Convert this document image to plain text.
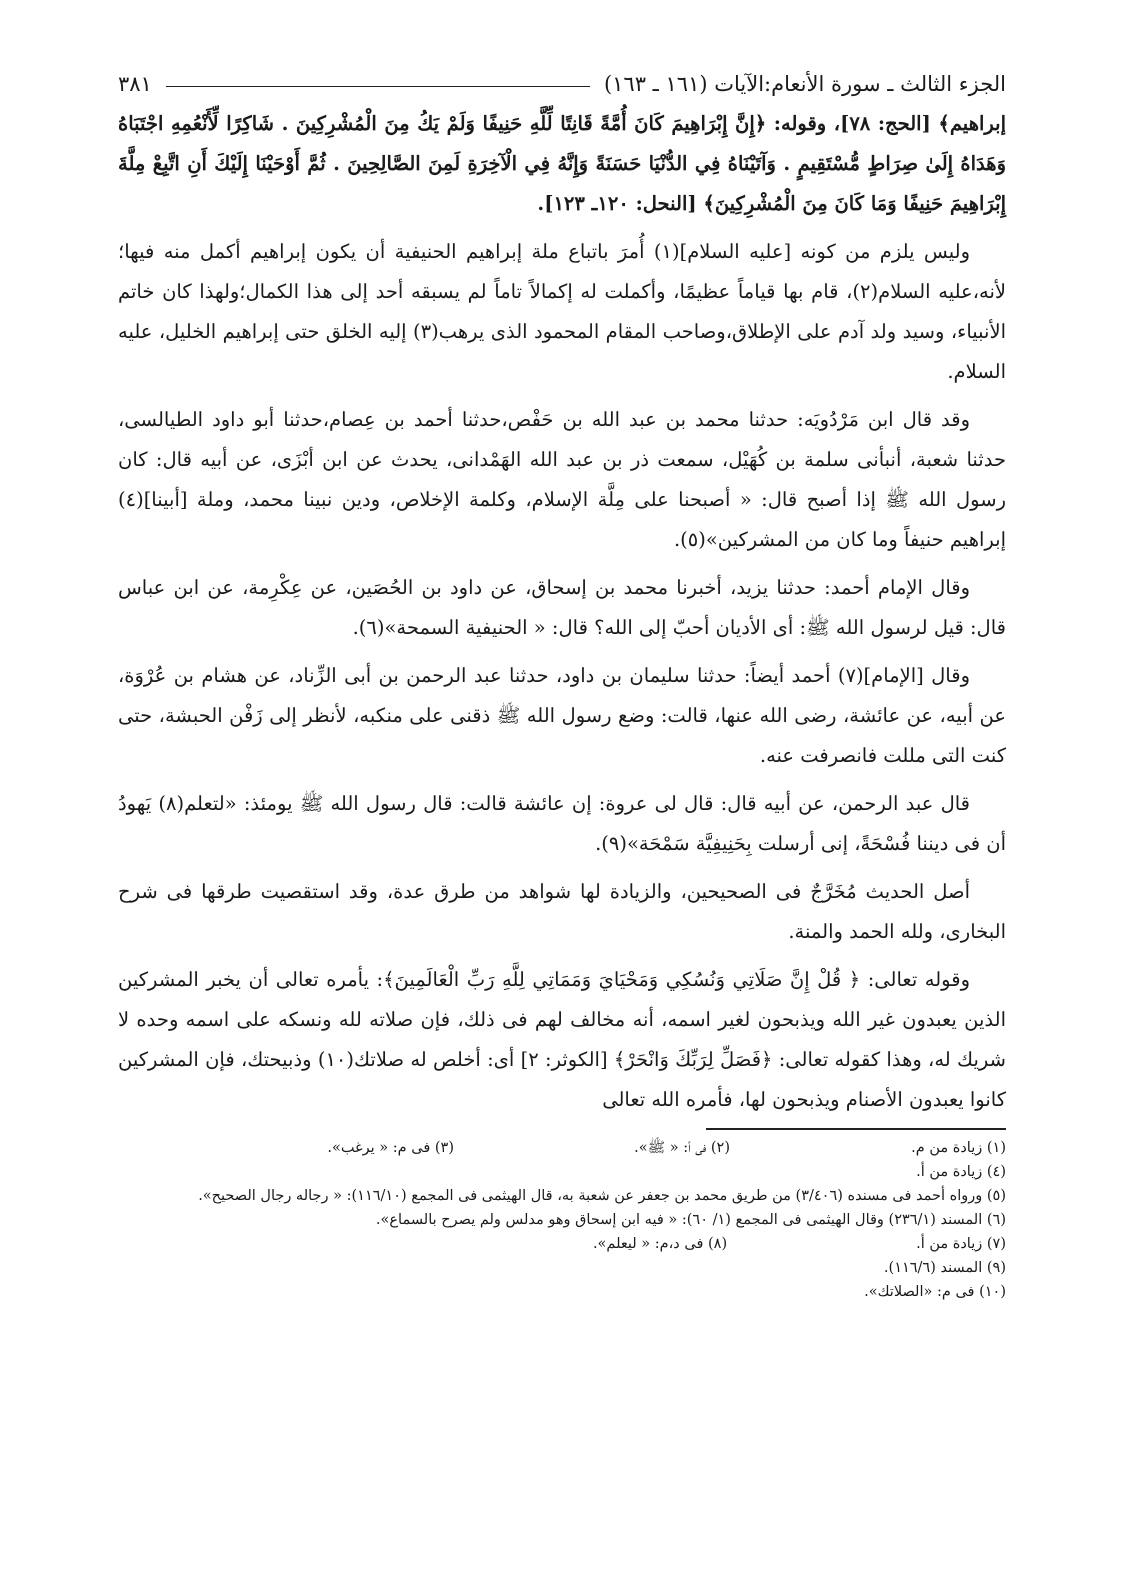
الجزء الثالث ـ سورة الأنعام:الآيات (١٦١ ـ ١٦٣)
٣٨١

إبراهيم﴾ [الحج: ٧٨]، وقوله: ﴿إِنَّ إِبْرَاهِيمَ كَانَ أُمَّةً قَانِتًا لِّلَّهِ حَنِيفًا وَلَمْ يَكُ مِنَ الْمُشْرِكِينَ . شَاكِرًا لِّأَنْعُمِهِ اجْتَبَاهُ وَهَدَاهُ إِلَىٰ صِرَاطٍ مُّسْتَقِيمٍ . وَآتَيْنَاهُ فِي الدُّنْيَا حَسَنَةً وَإِنَّهُ فِي الْآخِرَةِ لَمِنَ الصَّالِحِينَ . ثُمَّ أَوْحَيْنَا إِلَيْكَ أَنِ اتَّبِعْ مِلَّةَ إِبْرَاهِيمَ حَنِيفًا وَمَا كَانَ مِنَ الْمُشْرِكِينَ﴾ [النحل: ١٢٠ـ ١٢٣].

وليس يلزم من كونه [عليه السلام](١) أُمرَ باتباع ملة إبراهيم الحنيفية أن يكون إبراهيم أكمل منه فيها؛ لأنه،عليه السلام(٢)، قام بها قياماً عظيمًا، وأكملت له إكمالاً تاماً لم يسبقه أحد إلى هذا الكمال؛ولهذا كان خاتم الأنبياء، وسيد ولد آدم على الإطلاق،وصاحب المقام المحمود الذى يرهب(٣) إليه الخلق حتى إبراهيم الخليل، عليه السلام.

وقد قال ابن مَرْدُويَه: حدثنا محمد بن عبد الله بن حَفْص،حدثنا أحمد بن عِصام،حدثنا أبو داود الطيالسى، حدثنا شعبة، أنبأنى سلمة بن كُهَيْل، سمعت ذر بن عبد الله الهَمْدانى، يحدث عن ابن أبْزَى، عن أبيه قال: كان رسول الله ﷺ إذا أصبح قال: « أصبحنا على مِلَّة الإسلام، وكلمة الإخلاص، ودين نبينا محمد، وملة [أبينا](٤) إبراهيم حنيفاً وما كان من المشركين»(٥).

وقال الإمام أحمد: حدثنا يزيد، أخبرنا محمد بن إسحاق، عن داود بن الحُصَين، عن عِكْرِمة، عن ابن عباس قال: قيل لرسول الله ﷺ: أى الأديان أحبّ إلى الله؟ قال: « الحنيفية السمحة»(٦).

وقال [الإمام](٧) أحمد أيضاً: حدثنا سليمان بن داود، حدثنا عبد الرحمن بن أبى الزِّناد، عن هشام بن عُرْوَة، عن أبيه، عن عائشة، رضى الله عنها، قالت: وضع رسول الله ﷺ ذقنى على منكبه، لأنظر إلى زَفْن الحبشة، حتى كنت التى مللت فانصرفت عنه.

قال عبد الرحمن، عن أبيه قال: قال لى عروة: إن عائشة قالت: قال رسول الله ﷺ يومئذ: «لتعلم(٨) يَهودُ أن فى ديننا فُسْحَةً، إنى أرسلت بِحَنِيفِيَّة سَمْحَة»(٩).

أصل الحديث مُخَرَّجٌ فى الصحيحين، والزيادة لها شواهد من طرق عدة، وقد استقصيت طرقها فى شرح البخارى، ولله الحمد والمنة.

وقوله تعالى: ﴿ قُلْ إِنَّ صَلَاتِي وَنُسُكِي وَمَحْيَايَ وَمَمَاتِي لِلَّهِ رَبِّ الْعَالَمِينَ﴾: يأمره تعالى أن يخبر المشركين الذين يعبدون غير الله ويذبحون لغير اسمه، أنه مخالف لهم فى ذلك، فإن صلاته لله ونسكه على اسمه وحده لا شريك له، وهذا كقوله تعالى: ﴿فَصَلِّ لِرَبِّكَ وَانْحَرْ﴾ [الكوثر: ٢] أى: أخلص له صلاتك(١٠) وذبيحتك، فإن المشركين كانوا يعبدون الأصنام ويذبحون لها، فأمره الله تعالى

(١) زيادة من م.
(٢) فى أ: « ﷺ».
(٣) فى م: « يرغب».
(٤) زيادة من أ.
(٥) ورواه أحمد فى مسنده (٣/٤٠٦) من طريق محمد بن جعفر عن شعبة به، قال الهيثمى فى المجمع (١١٦/١٠): « رجاله رجال الصحيح».
(٦) المسند (٢٣٦/١) وقال الهيثمى فى المجمع (١/ ٦٠): « فيه ابن إسحاق وهو مدلس ولم يصرح بالسماع».
(٧) زيادة من أ.                                         (٨) فى د،م: « ليعلم».
(٩) المسند (١١٦/٦).
(١٠) فى م: «الصلاتك».
